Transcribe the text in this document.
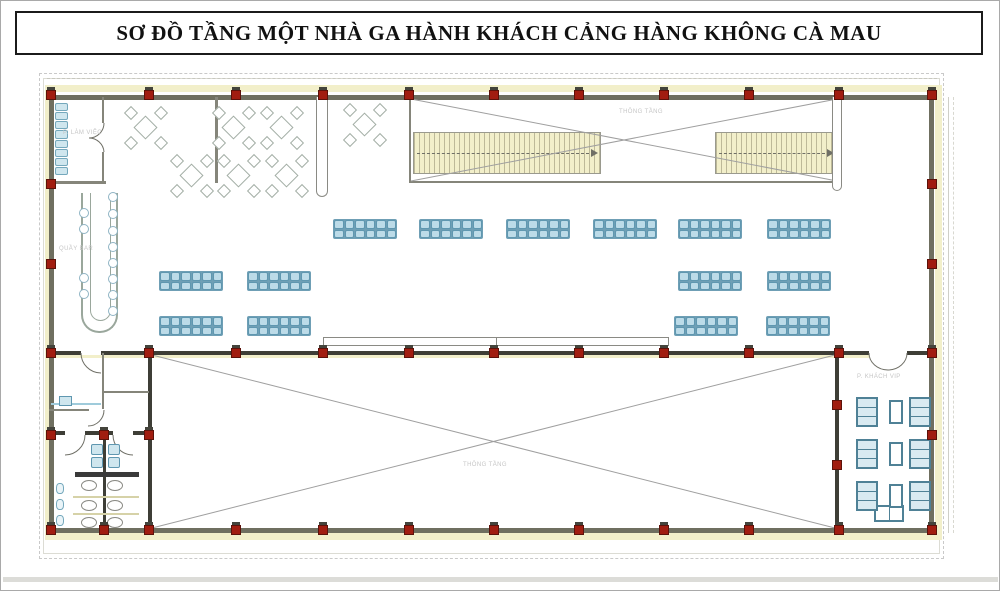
SƠ ĐỒ TẦNG MỘT NHÀ GA HÀNH KHÁCH CẢNG HÀNG KHÔNG CÀ MAU
THÔNG TẦNG
THÔNG TẦNG
P. KHÁCH VIP
P. LÀM VIỆC
QUẦY BAR
